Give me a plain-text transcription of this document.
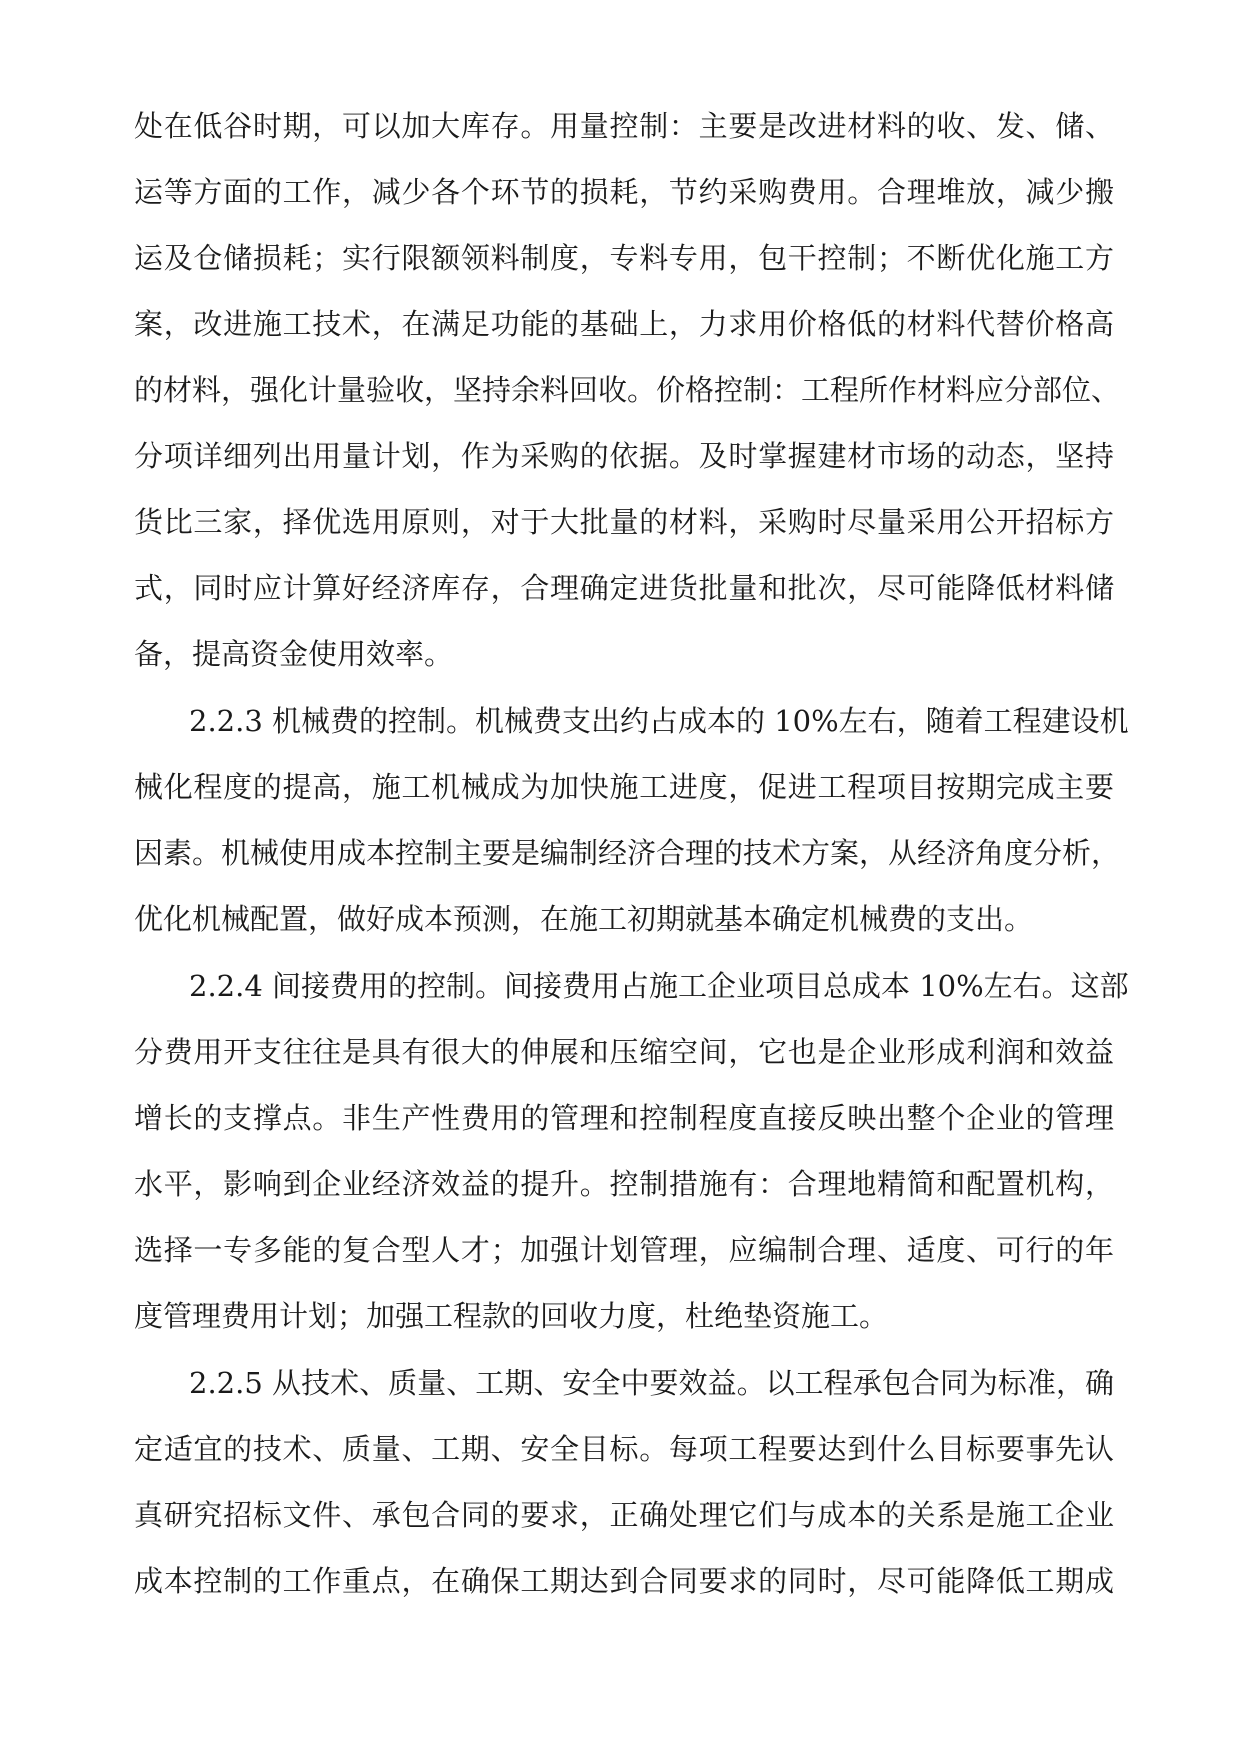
处在低谷时期，可以加大库存。用量控制：主要是改进材料的收、发、储、
运等方面的工作，减少各个环节的损耗，节约采购费用。合理堆放，减少搬
运及仓储损耗；实行限额领料制度，专料专用，包干控制；不断优化施工方
案，改进施工技术，在满足功能的基础上，力求用价格低的材料代替价格高
的材料，强化计量验收，坚持余料回收。价格控制：工程所作材料应分部位、
分项详细列出用量计划，作为采购的依据。及时掌握建材市场的动态，坚持
货比三家，择优选用原则，对于大批量的材料，采购时尽量采用公开招标方
式，同时应计算好经济库存，合理确定进货批量和批次，尽可能降低材料储
备，提高资金使用效率。
2.2.3 机械费的控制。机械费支出约占成本的 10%左右，随着工程建设机
械化程度的提高，施工机械成为加快施工进度，促进工程项目按期完成主要
因素。机械使用成本控制主要是编制经济合理的技术方案，从经济角度分析，
优化机械配置，做好成本预测，在施工初期就基本确定机械费的支出。
2.2.4 间接费用的控制。间接费用占施工企业项目总成本 10%左右。这部
分费用开支往往是具有很大的伸展和压缩空间，它也是企业形成利润和效益
增长的支撑点。非生产性费用的管理和控制程度直接反映出整个企业的管理
水平，影响到企业经济效益的提升。控制措施有：合理地精简和配置机构，
选择一专多能的复合型人才；加强计划管理，应编制合理、适度、可行的年
度管理费用计划；加强工程款的回收力度，杜绝垫资施工。
2.2.5 从技术、质量、工期、安全中要效益。以工程承包合同为标准，确
定适宜的技术、质量、工期、安全目标。每项工程要达到什么目标要事先认
真研究招标文件、承包合同的要求，正确处理它们与成本的关系是施工企业
成本控制的工作重点，在确保工期达到合同要求的同时，尽可能降低工期成
